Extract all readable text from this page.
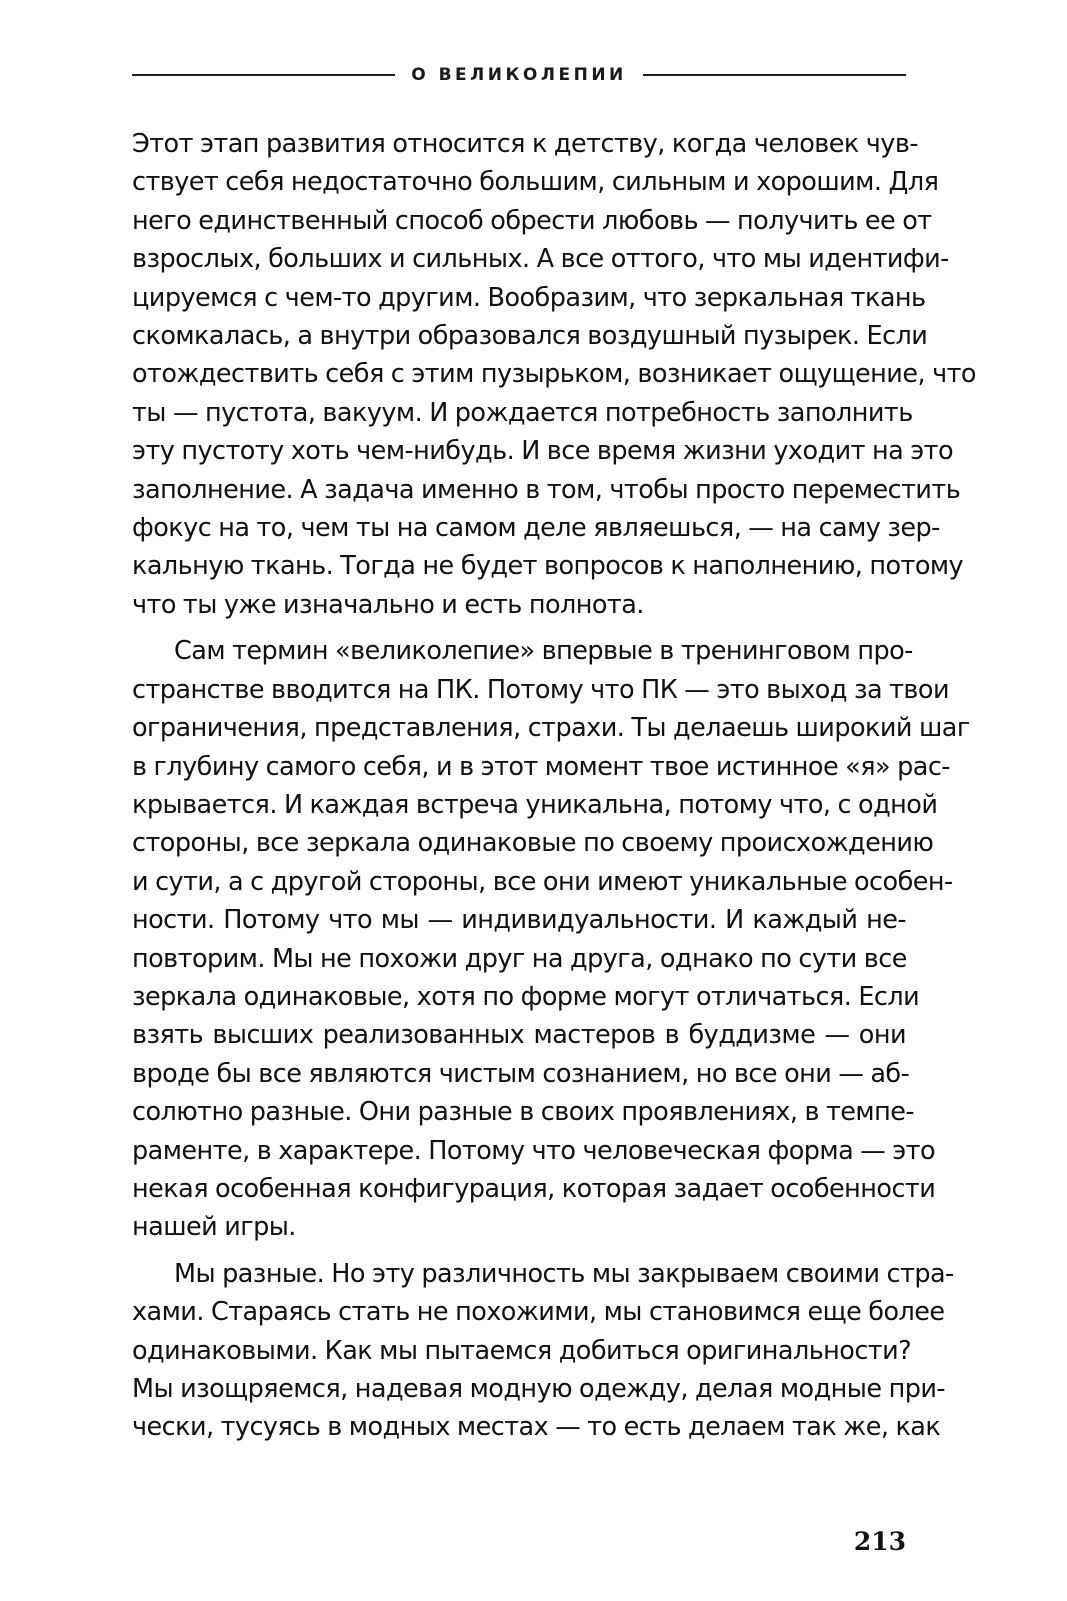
О ВЕЛИКОЛЕПИИ
Этот этап развития относится к детству, когда человек чув-
ствует себя недостаточно большим, сильным и хорошим. Для
него единственный способ обрести любовь — получить ее от
взрослых, больших и сильных. А все оттого, что мы идентифи-
цируемся с чем-то другим. Вообразим, что зеркальная ткань
скомкалась, а внутри образовался воздушный пузырек. Если
отождествить себя с этим пузырьком, возникает ощущение, что
ты — пустота, вакуум. И рождается потребность заполнить
эту пустоту хоть чем-нибудь. И все время жизни уходит на это
заполнение. А задача именно в том, чтобы просто переместить
фокус на то, чем ты на самом деле являешься, — на саму зер-
кальную ткань. Тогда не будет вопросов к наполнению, потому
что ты уже изначально и есть полнота.
Сам термин «великолепие» впервые в тренинговом про-
странстве вводится на ПК. Потому что ПК — это выход за твои
ограничения, представления, страхи. Ты делаешь широкий шаг
в глубину самого себя, и в этот момент твое истинное «я» рас-
крывается. И каждая встреча уникальна, потому что, с одной
стороны, все зеркала одинаковые по своему происхождению
и сути, а с другой стороны, все они имеют уникальные особен-
ности. Потому что мы — индивидуальности. И каждый не-
повторим. Мы не похожи друг на друга, однако по сути все
зеркала одинаковые, хотя по форме могут отличаться. Если
взять высших реализованных мастеров в буддизме — они
вроде бы все являются чистым сознанием, но все они — аб-
солютно разные. Они разные в своих проявлениях, в темпе-
раменте, в характере. Потому что человеческая форма — это
некая особенная конфигурация, которая задает особенности
нашей игры.
Мы разные. Но эту различность мы закрываем своими стра-
хами. Стараясь стать не похожими, мы становимся еще более
одинаковыми. Как мы пытаемся добиться оригинальности?
Мы изощряемся, надевая модную одежду, делая модные при-
чески, тусуясь в модных местах — то есть делаем так же, как
213
